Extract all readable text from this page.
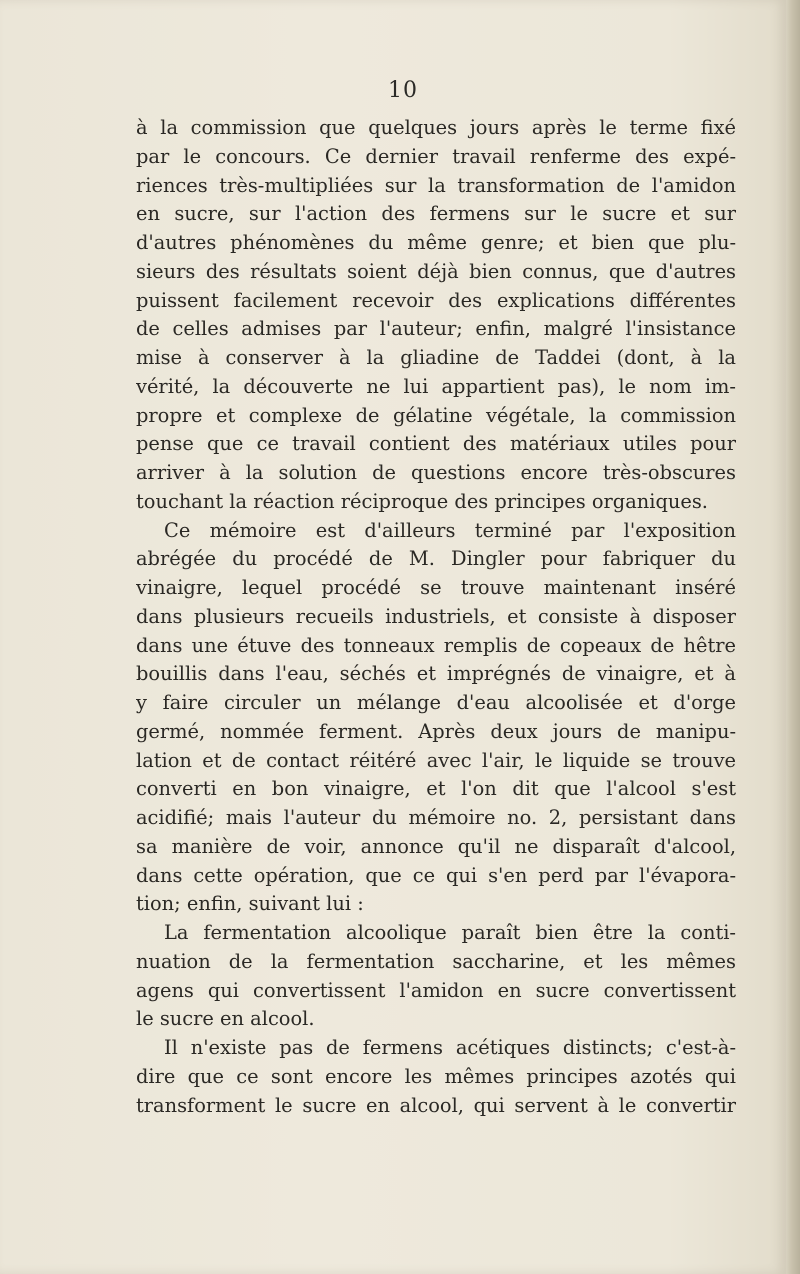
10
à la commission que quelques jours après le terme fixé
par le concours. Ce dernier travail renferme des expé-
riences très-multipliées sur la transformation de l'amidon
en sucre, sur l'action des fermens sur le sucre et sur
d'autres phénomènes du même genre; et bien que plu-
sieurs des résultats soient déjà bien connus, que d'autres
puissent facilement recevoir des explications différentes
de celles admises par l'auteur; enfin, malgré l'insistance
mise à conserver à la gliadine de Taddei (dont, à la
vérité, la découverte ne lui appartient pas), le nom im-
propre et complexe de gélatine végétale, la commission
pense que ce travail contient des matériaux utiles pour
arriver à la solution de questions encore très-obscures
touchant la réaction réciproque des principes organiques.
Ce mémoire est d'ailleurs terminé par l'exposition
abrégée du procédé de M. Dingler pour fabriquer du
vinaigre, lequel procédé se trouve maintenant inséré
dans plusieurs recueils industriels, et consiste à disposer
dans une étuve des tonneaux remplis de copeaux de hêtre
bouillis dans l'eau, séchés et imprégnés de vinaigre, et à
y faire circuler un mélange d'eau alcoolisée et d'orge
germé, nommée ferment. Après deux jours de manipu-
lation et de contact réitéré avec l'air, le liquide se trouve
converti en bon vinaigre, et l'on dit que l'alcool s'est
acidifié; mais l'auteur du mémoire no. 2, persistant dans
sa manière de voir, annonce qu'il ne disparaît d'alcool,
dans cette opération, que ce qui s'en perd par l'évapora-
tion; enfin, suivant lui :
La fermentation alcoolique paraît bien être la conti-
nuation de la fermentation saccharine, et les mêmes
agens qui convertissent l'amidon en sucre convertissent
le sucre en alcool.
Il n'existe pas de fermens acétiques distincts; c'est-à-
dire que ce sont encore les mêmes principes azotés qui
transforment le sucre en alcool, qui servent à le convertir
